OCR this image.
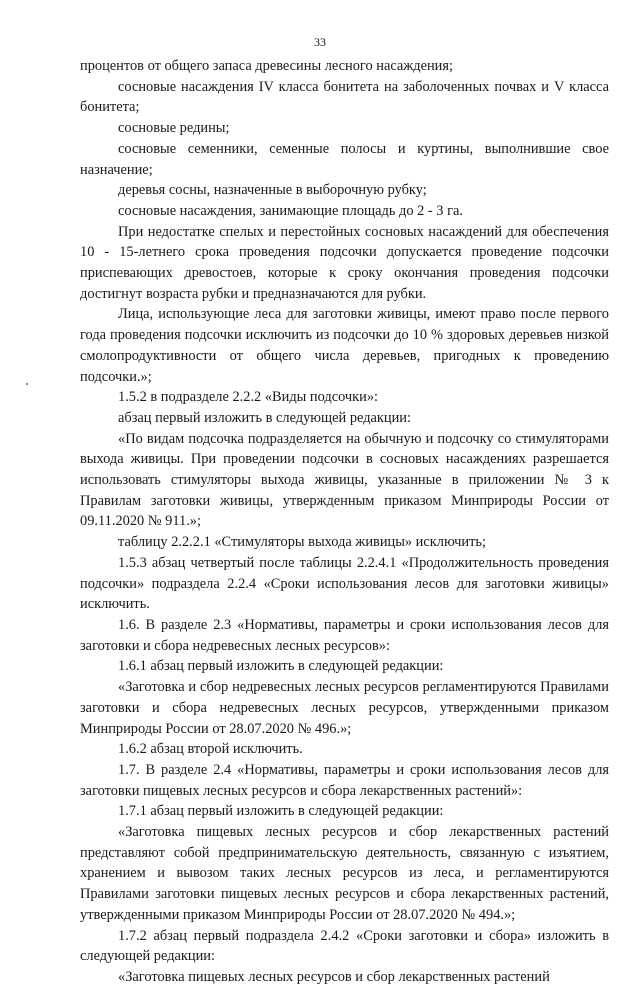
33

процентов от общего запаса древесины лесного насаждения;

сосновые насаждения IV класса бонитета на заболоченных почвах и V класса бонитета;

сосновые редины;

сосновые семенники, семенные полосы и куртины, выполнившие свое назначение;

деревья сосны, назначенные в выборочную рубку;

сосновые насаждения, занимающие площадь до 2 - 3 га.

При недостатке спелых и перестойных сосновых насаждений для обеспечения 10 - 15-летнего срока проведения подсочки допускается проведение подсочки приспевающих древостоев, которые к сроку окончания проведения подсочки достигнут возраста рубки и предназначаются для рубки.

Лица, использующие леса для заготовки живицы, имеют право после первого года проведения подсочки исключить из подсочки до 10 % здоровых деревьев низкой смолопродуктивности от общего числа деревьев, пригодных к проведению подсочки.»;

1.5.2 в подразделе 2.2.2 «Виды подсочки»:

абзац первый изложить в следующей редакции:

«По видам подсочка подразделяется на обычную и подсочку со стимуляторами выхода живицы. При проведении подсочки в сосновых насаждениях разрешается использовать стимуляторы выхода живицы, указанные в приложении № 3 к Правилам заготовки живицы, утвержденным приказом Минприроды России от 09.11.2020 № 911.»;

таблицу 2.2.2.1 «Стимуляторы выхода живицы» исключить;

1.5.3 абзац четвертый после таблицы 2.2.4.1 «Продолжительность проведения подсочки» подраздела 2.2.4 «Сроки использования лесов для заготовки живицы» исключить.

1.6. В разделе 2.3 «Нормативы, параметры и сроки использования лесов для заготовки и сбора недревесных лесных ресурсов»:

1.6.1 абзац первый изложить в следующей редакции:

«Заготовка и сбор недревесных лесных ресурсов регламентируются Правилами заготовки и сбора недревесных лесных ресурсов, утвержденными приказом Минприроды России от 28.07.2020 № 496.»;

1.6.2 абзац второй исключить.

1.7. В разделе 2.4 «Нормативы, параметры и сроки использования лесов для заготовки пищевых лесных ресурсов и сбора лекарственных растений»:

1.7.1 абзац первый изложить в следующей редакции:

«Заготовка пищевых лесных ресурсов и сбор лекарственных растений представляют собой предпринимательскую деятельность, связанную с изъятием, хранением и вывозом таких лесных ресурсов из леса, и регламентируются Правилами заготовки пищевых лесных ресурсов и сбора лекарственных растений, утвержденными приказом Минприроды России от 28.07.2020 № 494.»;

1.7.2 абзац первый подраздела 2.4.2 «Сроки заготовки и сбора» изложить в следующей редакции:

«Заготовка пищевых лесных ресурсов и сбор лекарственных растений
